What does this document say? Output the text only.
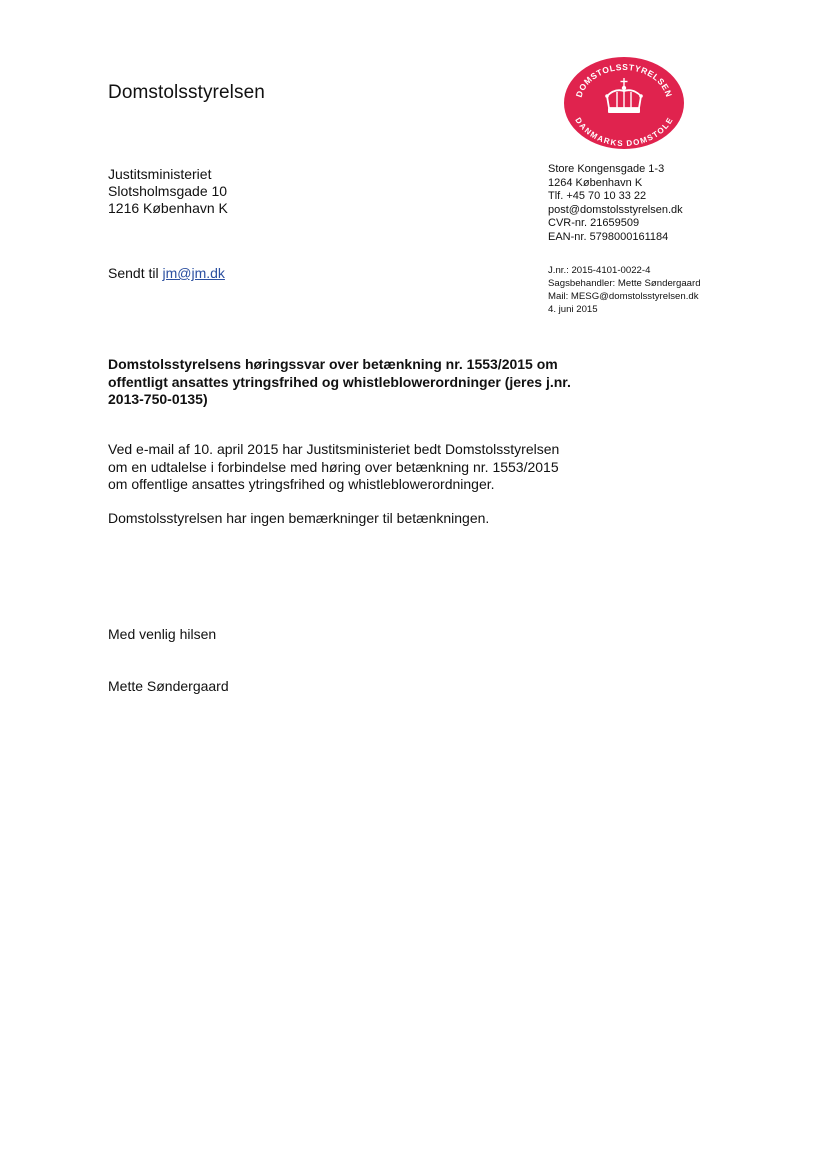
Domstolsstyrelsen	DOMSTOLSSTYRELSEN
DANMARKS DOMSTOLE
Justitsministeriet
Slotsholmsgade 10
1216 København K
Store Kongensgade 1-3
1264 København K
Tlf. +45 70 10 33 22
post@domstolsstyrelsen.dk
CVR-nr. 21659509
EAN-nr. 5798000161184
Sendt til jm@jm.dk	J.nr.: 2015-4101-0022-4
Sagsbehandler: Mette Søndergaard
Mail: MESG@domstolsstyrelsen.dk
4. juni 2015
Domstolsstyrelsens høringssvar over betænkning nr. 1553/2015 om
offentligt ansattes ytringsfrihed og whistleblowerordninger (jeres j.nr.
2013-750-0135)
Ved e-mail af 10. april 2015 har Justitsministeriet bedt Domstolsstyrelsen
om en udtalelse i forbindelse med høring over betænkning nr. 1553/2015
om offentlige ansattes ytringsfrihed og whistleblowerordninger.
Domstolsstyrelsen har ingen bemærkninger til betænkningen.
Med venlig hilsen
Mette Søndergaard
